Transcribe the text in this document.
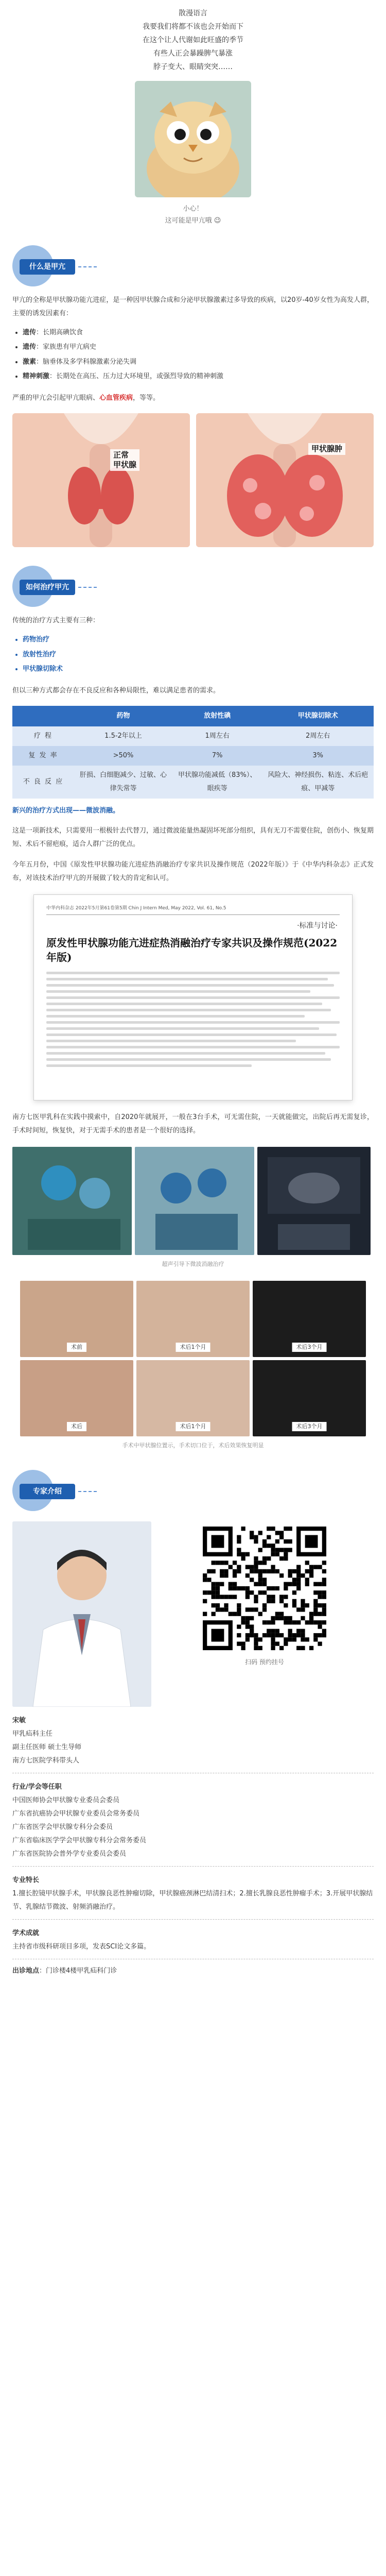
散漫语言

我要我们将都不该也会开始而下

在这个让人代谢如此旺盛的季节

有些人正会暴躁脾气暴涨

脖子变大、眼睛突突……

小心！

这可能是甲亢哦 😉

什么是甲亢

甲亢的全称是甲状腺功能亢进症，是一种因甲状腺合成和分泌甲状腺激素过多导致的疾病，以20岁-40岁女性为高发人群，主要的诱发因素有：

• 遗传：长期高碘饮食
• 遗传：家族患有甲亢病史
• 激素：脑垂体及多学科腺激素分泌失调
• 精神刺激：长期处在高压、压力过大环境里，或强烈导致的精神刺激

严重的甲亢会引起甲亢眼病、心血管疾病，等等。

正常
甲状腺
甲状腺肿
如何治疗甲亢

传统的治疗方式主要有三种：

• 药物治疗
• 放射性治疗
• 甲状腺切除术

但以三种方式都会存在不良反应和各种局限性，难以满足患者的需求。

	药物	放射性碘	甲状腺切除术
疗 程	1.5-2年以上	1周左右	2周左右
复 发 率	>50%	7%	3%
不 良 反 应	肝损、白细胞减少、过敏、心律失常等	甲状腺功能减低（83%）、眼疾等	风险大、神经损伤、粘连、术后疤痕、甲减等

新兴的治疗方式出现——微波消融。

这是一项新技术，只需要用一根极针去代替刀，通过微波能量热凝固坏死部分组织，具有无刀不需要住院，创伤小、恢复期短、术后不留疤痕，适合人群广泛的优点。

今年五月份，中国《原发性甲状腺功能亢进症热消融治疗专家共识及操作规范（2022年版）》于《中华内科杂志》正式发布，对该技术治疗甲亢的开展做了较大的肯定和认可。

中华内科杂志 2022年5月第61卷第5期 Chin J Intern Med, May 2022, Vol. 61, No.5
·标准与讨论·
原发性甲状腺功能亢进症热消融治疗专家共识及操作规范(2022年版)

南方七医甲乳科在实践中摸索中，自2020年就展开，一般在3台手术，可无需住院，一天就能做完，出院后再无需复诊，手术时间短，恢复快，对于无需手术的患者是一个很好的选择。

超声引导下微波消融治疗

术前	术后1个月	术后3个月
术后	术后1个月	术后3个月

手术中甲状腺位置示，手术切口位于，术后效果恢复明显

专家介绍
扫码 预约挂号

宋敏

甲乳疝科主任

副主任医师 硕士生导师

南方七医院学科带头人

行业/学会等任职

中国医师协会甲状腺专业委员会委员

广东省抗癌协会甲状腺专业委员会常务委员

广东省医学会甲状腺专科分会委员

广东省临床医学学会甲状腺专科分会常务委员

广东省医院协会普外学专业委员会委员

专业特长

1.擅长腔镜甲状腺手术，甲状腺良恶性肿瘤切除，甲状腺癌颈淋巴结清扫术；2.擅长乳腺良恶性肿瘤手术；3.开展甲状腺结节、乳腺结节微波、射频消融治疗。

学术成就

主持省市级科研项目多项，发表SCI论文多篇。

出诊地点：门诊楼4楼甲乳疝科门诊
